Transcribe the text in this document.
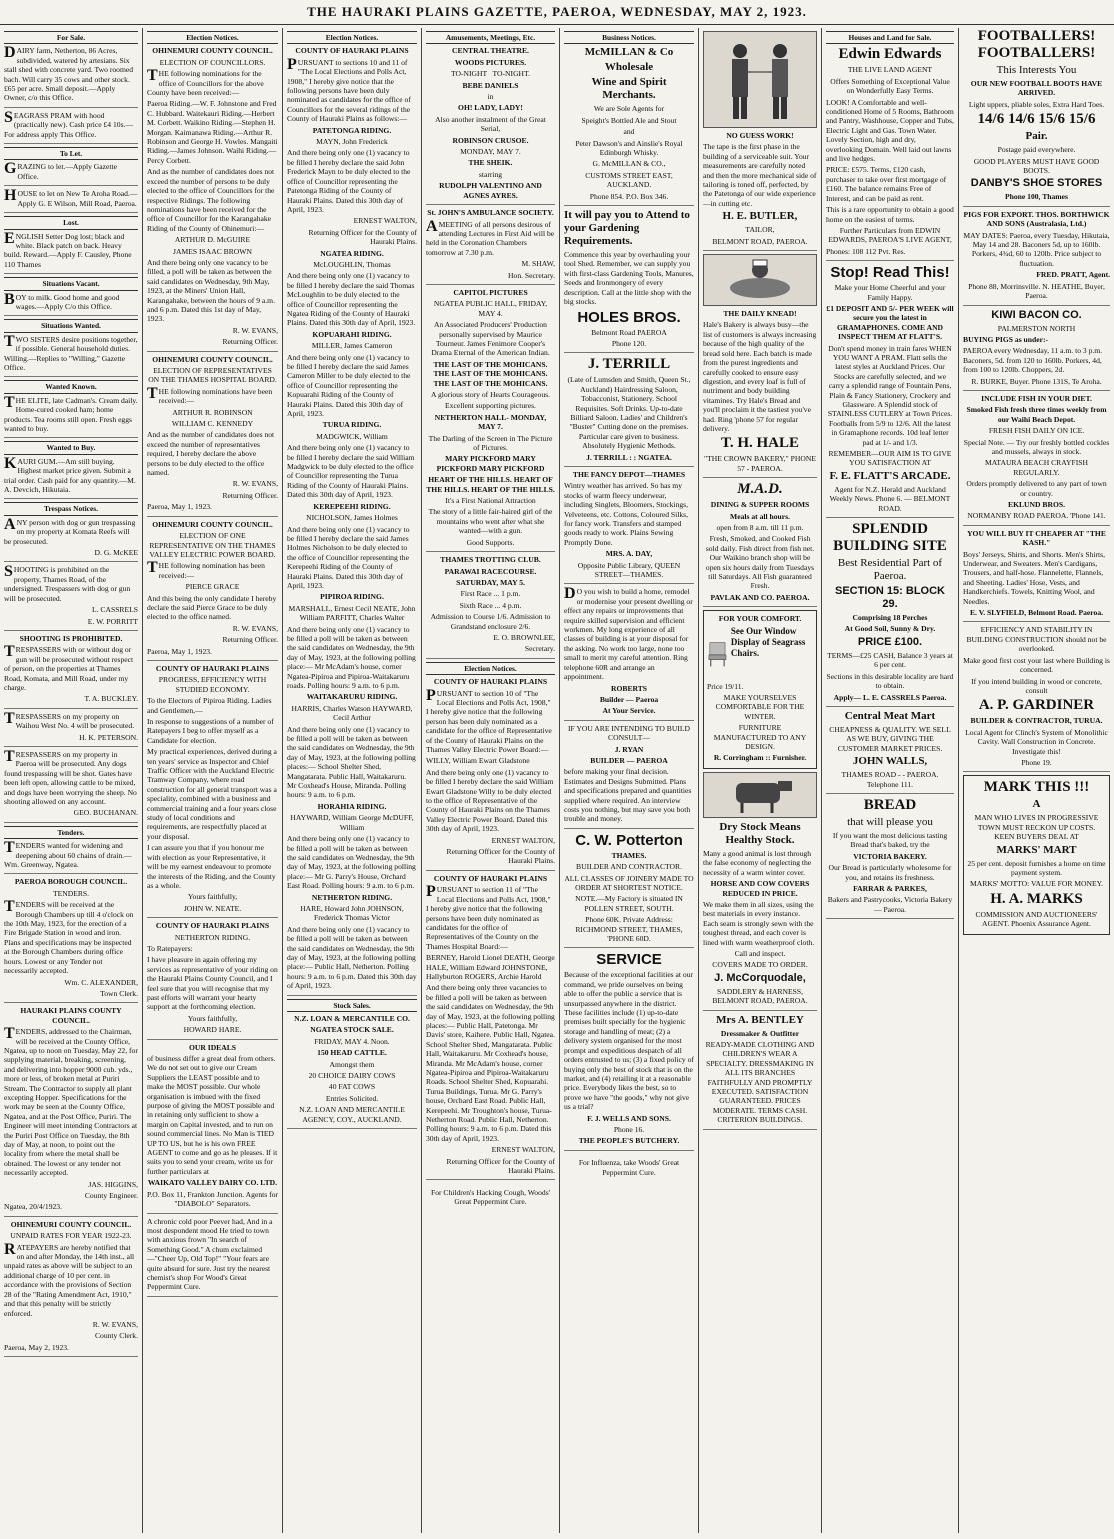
THE HAURAKI PLAINS GAZETTE, PAEROA, WEDNESDAY, MAY 2, 1923.
For Sale.

DAIRY farm, Netherton, 86 Acres, subdivided, watered by artesians. Six stall shed with concrete yard. Two roomed bach. Will carry 35 cows and other stock. £65 per acre. Small deposit.—Apply Owner, c/o this Office.

SEAGRASS PRAM with hood (practically new). Cash price £4 10s.—For address apply This Office.

To Let.

GRAZING to let.—Apply Gazette Office.

HOUSE to let on New Te Aroha Road.—Apply G. E Wilson, Mill Road, Paeroa.

Lost.

ENGLISH Setter Dog lost; black and white. Black patch on back. Heavy build. Reward.—Apply F. Causley, Phone 110 Thames

Situations Vacant.

BOY to milk. Good home and good wages.—Apply C/o this Office.

Situations Wanted.

TWO SISTERS desire positions together, if possible. General household duties. Willing.—Replies to "Willing," Gazette Office.

Wanted Known.

THE ELITE, late Cadman's. Cream daily. Home-cured cooked ham; home products. Tea rooms still open. Fresh eggs wanted to buy.

Wanted to Buy.

KAURI GUM.—Am still buying. Highest market price given. Submit a trial order. Cash paid for any quantity.—M. A. Devcich, Hikutaia.

Trespass Notices.

ANY person with dog or gun trespassing on my property at Komata Reefs will be prosecuted.

D. G. McKEE

SHOOTING is prohibited on the property, Thames Road, of the undersigned. Trespassers with dog or gun will be prosecuted.

L. CASSRELS

E. W. PORRITT

SHOOTING IS PROHIBITED.

TRESPASSERS with or without dog or gun will be prosecuted without respect of person, on the properties at Thames Road, Komata, and Mill Road, under my charge.

T. A. BUCKLEY.

TRESPASSERS on my property on Waihou West No. 4 will be prosecuted.

H. K. PETERSON.

TRESPASSERS on my property in Paeroa will be prosecuted. Any dogs found trespassing will be shot. Gates have been left open, allowing cattle to be mixed, and dogs have been worrying the sheep. No shooting allowed on any account.

GEO. BUCHANAN.

Tenders.

TENDERS wanted for widening and deepening about 60 chains of drain.—Wm. Greenway, Ngatea.

PAEROA BOROUGH COUNCIL.

TENDERS.

TENDERS will be received at the Borough Chambers up till 4 o'clock on the 10th May, 1923, for the erection of a Fire Brigade Station in wood and iron. Plans and specifications may be inspected at the Borough Chambers during office hours. Lowest or any Tender not necessarily accepted.

Wm. C. ALEXANDER,

Town Clerk.

HAURAKI PLAINS COUNTY COUNCIL.

TENDERS, addressed to the Chairman, will be received at the County Office, Ngatea, up to noon on Tuesday, May 22, for supplying material, breaking, screening, and delivering into hopper 9000 cub. yds., more or less, of broken metal at Puriri Stream. The Contractor to supply all plant excepting Hopper. Specifications for the work may be seen at the County Office, Ngatea, and at the Post Office, Puriri. The Engineer will meet intending Contractors at the Puriri Post Office on Tuesday, the 8th day of May, at noon, to point out the locality from where the metal shall be obtained. The lowest or any tender not necessarily accepted.

JAS. HIGGINS,

County Engineer.

Ngatea, 20/4/1923.

OHINEMURI COUNTY COUNCIL.

UNPAID RATES FOR YEAR 1922-23.

RATEPAYERS are hereby notified that on and after Monday, the 14th inst., all unpaid rates as above will be subject to an additional charge of 10 per cent. in accordance with the provisions of Section 28 of the "Rating Amendment Act, 1910," and that this penalty will be strictly enforced.

R. W. EVANS,

County Clerk.

Paeroa, May 2, 1923.

Election Notices.

OHINEMURI COUNTY COUNCIL.

ELECTION OF COUNCILLORS.

THE following nominations for the office of Councillors for the above County have been received:—

Paeroa Riding.—W. F. Johnstone and Fred C. Hubbard. Waitekauri Riding.—Herbert M. Corbett. Waikino Riding.—Stephen H. Morgan. Kaimanawa Riding.—Arthur R. Robinson and George H. Vowles. Mangaiti Riding.—James Johnson. Waihi Riding.—Percy Corbett.

And as the number of candidates does not exceed the number of persons to be duly elected to the office of Councillors for the respective Ridings. The following nominations have been received for the office of Councillor for the Karangahake Riding of the County of Ohinemuri:—

ARTHUR D. McGUIRE

JAMES ISAAC BROWN

And there being only one vacancy to be filled, a poll will be taken as between the said candidates on Wednesday, 9th May, 1923, at the Miners' Union Hall, Karangahake, between the hours of 9 a.m. and 6 p.m. Dated this 1st day of May, 1923.

R. W. EVANS,

Returning Officer.

OHINEMURI COUNTY COUNCIL.

ELECTION OF REPRESENTATIVES ON THE THAMES HOSPITAL BOARD.

THE following nominations have been received:—

ARTHUR R. ROBINSON

WILLIAM C. KENNEDY

And as the number of candidates does not exceed the number of representatives required, I hereby declare the above persons to be duly elected to the office named.

R. W. EVANS,

Returning Officer.

Paeroa, May 1, 1923.

OHINEMURI COUNTY COUNCIL.

ELECTION OF ONE REPRESENTATIVE ON THE THAMES VALLEY ELECTRIC POWER BOARD.

THE following nomination has been received:—

PIERCE GRACE

And this being the only candidate I hereby declare the said Pierce Grace to be duly elected to the office named.

R. W. EVANS,

Returning Officer.

Paeroa, May 1, 1923.

COUNTY OF HAURAKI PLAINS

PROGRESS, EFFICIENCY WITH STUDIED ECONOMY.

To the Electors of Pipiroa Riding. Ladies and Gentlemen,—

In response to suggestions of a number of Ratepayers I beg to offer myself as a Candidate for election.

My practical experiences, derived during a ten years' service as Inspector and Chief Traffic Officer with the Auckland Electric Tramway Company, where road construction for all general transport was a speciality, combined with a business and commercial training and a four years close study of local conditions and requirements, are respectfully placed at your disposal.

I can assure you that if you honour me with election as your Representative, it will be my earnest endeavour to promote the interests of the Riding, and the County as a whole.

Yours faithfully,

JOHN W. NEATE.

COUNTY OF HAURAKI PLAINS

NETHERTON RIDING.

To Ratepayers:

I have pleasure in again offering my services as representative of your riding on the Hauraki Plains County Council, and I feel sure that you will recognise that my past efforts will warrant your hearty support at the forthcoming election.

Yours faithfully,

HOWARD HARE.

OUR IDEALS

of business differ a great deal from others. We do not set out to give our Cream Suppliers the LEAST possible and to make the MOST possible. Our whole organisation is imbued with the fixed purpose of giving the MOST possible and in retaining only sufficient to show a margin on Capital invested, and to run on sound commercial lines. No Man is TIED UP TO US, but he is his own FREE AGENT to come and go as he pleases. If it suits you to send your cream, write us for further particulars at

WAIKATO VALLEY DAIRY CO. LTD.

P.O. Box 11, Frankton Junction. Agents for "DIABOLO" Separators.

A chronic cold poor Peever had, And in a most despondent mood He tried to town with anxious frown "In search of Something Good." A chum exclaimed—"Cheer Up, Old Top!" "Your fears are quite absurd for sure. Just try the nearest chemist's shop For Wood's Great Peppermint Cure.

Election Notices.

COUNTY OF HAURAKI PLAINS

PURSUANT to sections 10 and 11 of "The Local Elections and Polls Act, 1908," I hereby give notice that the following persons have been duly nominated as candidates for the office of Councillors for the several ridings of the County of Hauraki Plains as follows:—

PATETONGA RIDING.

MAYN, John Frederick

And there being only one (1) vacancy to be filled I hereby declare the said John Frederick Mayn to be duly elected to the office of Councillor representing the Patetonga Riding of the County of Hauraki Plains. Dated this 30th day of April, 1923.

ERNEST WALTON,

Returning Officer for the County of Hauraki Plains.

NGATEA RIDING.

McLOUGHLIN, Thomas

And there being only one (1) vacancy to be filled I hereby declare the said Thomas McLoughlin to be duly elected to the office of Councillor representing the Ngatea Riding of the County of Hauraki Plains. Dated this 30th day of April, 1923.

KOPUARAHI RIDING.

MILLER, James Cameron

And there being only one (1) vacancy to be filled I hereby declare the said James Cameron Miller to be duly elected to the office of Councillor representing the Kopuarahi Riding of the County of Hauraki Plains. Dated this 30th day of April, 1923.

TURUA RIDING.

MADGWICK, William

And there being only one (1) vacancy to be filled I hereby declare the said William Madgwick to be duly elected to the office of Councillor representing the Turua Riding of the County of Hauraki Plains. Dated this 30th day of April, 1923.

KEREPEEHI RIDING.

NICHOLSON, James Holmes

And there being only one (1) vacancy to be filled I hereby declare the said James Holmes Nicholson to be duly elected to the office of Councillor representing the Kerepeehi Riding of the County of Hauraki Plains. Dated this 30th day of April, 1923.

PIPIROA RIDING.

MARSHALL, Ernest Cecil NEATE, John William PARFITT, Charles Walter

And there being only one (1) vacancy to be filled a poll will be taken as between the said candidates on Wednesday, the 9th day of May, 1923, at the following polling place:— Mr McAdam's house, corner Ngatea-Pipiroa and Pipiroa-Waitakaruru roads. Polling hours: 9 a.m. to 6 p.m.

WAITAKARURU RIDING.

HARRIS, Charles Watson HAYWARD, Cecil Arthur

And there being only one (1) vacancy to be filled a poll will be taken as between the said candidates on Wednesday, the 9th day of May, 1923, at the following polling places:— School Shelter Shed, Mangatarata. Public Hall, Waitakaruru. Mr Coxhead's House, Miranda. Polling hours: 9 a.m. to 6 p.m.

HORAHIA RIDING.

HAYWARD, William George McDUFF, William

And there being only one (1) vacancy to be filled a poll will be taken as between the said candidates on Wednesday, the 9th day of May, 1923, at the following polling place:— Mr G. Parry's House, Orchard East Road. Polling hours: 9 a.m. to 6 p.m.

NETHERTON RIDING.

HARE, Howard John JOHNSON, Frederick Thomas Victor

And there being only one (1) vacancy to be filled a poll will be taken as between the said candidates on Wednesday, the 9th day of May, 1923, at the following polling place:— Public Hall, Netherton. Polling hours: 9 a.m. to 6 p.m. Dated this 30th day of April, 1923.

Stock Sales.

N.Z. LOAN & MERCANTILE CO.

NGATEA STOCK SALE.

FRIDAY, MAY 4. Noon.

150 HEAD CATTLE.

Amongst them

20 CHOICE DAIRY COWS

40 FAT COWS

Entries Solicited.

N.Z. LOAN AND MERCANTILE AGENCY, COY., AUCKLAND.

Amusements, Meetings, Etc.

CENTRAL THEATRE.

WOODS PICTURES.

TO-NIGHT TO-NIGHT.

BEBE DANIELS

in

OH! LADY, LADY!

Also another instalment of the Great Serial,

ROBINSON CRUSOE.

MONDAY, MAY 7.

THE SHEIK.

starring

RUDOLPH VALENTINO AND AGNES AYRES.

St. JOHN'S AMBULANCE SOCIETY.

AMEETING of all persons desirous of attending Lectures in First Aid will be held in the Coronation Chambers tomorrow at 7.30 p.m.

M. SHAW,

Hon. Secretary.

CAPITOL PICTURES

NGATEA PUBLIC HALL, FRIDAY, MAY 4.

An Associated Producers' Production personally supervised by Maurice Tourneur. James Fenimore Cooper's Drama Eternal of the American Indian.

THE LAST OF THE MOHICANS. THE LAST OF THE MOHICANS. THE LAST OF THE MOHICANS.

A glorious story of Hearts Courageous.

Excellent supporting pictures.

NETHERTON HALL- MONDAY, MAY 7.

The Darling of the Screen in The Picture of Pictures.

MARY PICKFORD MARY PICKFORD MARY PICKFORD

HEART OF THE HILLS. HEART OF THE HILLS. HEART OF THE HILLS.

It's a First National Attraction

The story of a little fair-haired girl of the mountains who went after what she wanted—with a gun.

Good Supports.

THAMES TROTTING CLUB.

PARAWAI RACECOURSE.

SATURDAY, MAY 5.

First Race ... 1 p.m.

Sixth Race ... 4 p.m.

Admission to Course 1/6. Admission to Grandstand enclosure 2/6.

E. O. BROWNLEE,

Secretary.

Election Notices.

COUNTY OF HAURAKI PLAINS

PURSUANT to section 10 of "The Local Elections and Polls Act, 1908," I hereby give notice that the following person has been duly nominated as a candidate for the office of Representative of the County of Hauraki Plains on the Thames Valley Electric Power Board:—

WILLY, William Ewart Gladstone

And there being only one (1) vacancy to be filled I hereby declare the said William Ewart Gladstone Willy to be duly elected to the office of Representative of the County of Hauraki Plains on the Thames Valley Electric Power Board. Dated this 30th day of April, 1923.

ERNEST WALTON,

Returning Officer for the County of Hauraki Plains.

COUNTY OF HAURAKI PLAINS

PURSUANT to section 11 of "The Local Elections and Polls Act, 1908," I hereby give notice that the following persons have been duly nominated as candidates for the office of Representatives of the County on the Thames Hospital Board:—

BERNEY, Harold Lionel DEATH, George HALE, William Edward JOHNSTONE, Hallyburton ROGERS, Archie Harold

And there being only three vacancies to be filled a poll will be taken as between the said candidates on Wednesday, the 9th day of May, 1923, at the following polling places:— Public Hall, Patetonga. Mr Davis' store, Kaihere. Public Hall, Ngatea. School Shelter Shed, Mangatarata. Public Hall, Waitakaruru. Mr Coxhead's house, Miranda. Mr McAdam's house, corner Ngatea-Pipiroa and Pipiroa-Waitakaruru Roads. School Shelter Shed, Kopuarahi. Turua Buildings, Turua. Mr G. Parry's house, Orchard East Road. Public Hall, Kerepeehi. Mr Troughton's house, Turua-Netherton Road. Public Hall, Netherton. Polling hours: 9 a.m. to 6 p.m. Dated this 30th day of April, 1923.

ERNEST WALTON,

Returning Officer for the County of Hauraki Plains.

For Children's Hacking Cough, Woods' Great Peppermint Cure.

Business Notices.

McMILLAN & Co

Wholesale

Wine and Spirit Merchants.

We are Sole Agents for

Speight's Bottled Ale and Stout

and

Peter Dawson's and Ainslie's Royal Edinburgh Whisky.

G. McMILLAN & CO.,

CUSTOMS STREET EAST, AUCKLAND.

Phone 854. P.O. Box 346.

It will pay you to Attend to your Gardening Requirements.

Commence this year by overhauling your tool Shed. Remember, we can supply you with first-class Gardening Tools, Manures, Seeds and Ironmongery of every description. Call at the little shop with the big stocks.

HOLES BROS.

Belmont Road PAEROA

Phone 120.

J. TERRILL

(Late of Lumsden and Smith, Queen St., Auckland) Hairdressing Saloon, Tobacconist, Stationery. School Requisites. Soft Drinks. Up-to-date Billiard Saloon. Ladies' and Children's "Buster" Cutting done on the premises. Particular care given to business. Absolutely Hygienic Methods.

J. TERRILL : : NGATEA.

THE FANCY DEPOT—THAMES

Wintry weather has arrived. So has my stocks of warm fleecy underwear, including Singlets, Bloomers, Stockings, Velveteens, etc. Cottons, Coloured Silks, for fancy work. Transfers and stamped goods ready to work. Plains Sewing Promptly Done.

MRS. A. DAY,

Opposite Public Library, QUEEN STREET—THAMES.

DO you wish to build a home, remodel or modernise your present dwelling or effect any repairs or improvements that require skilled supervision and efficient workmen. My long experience of all classes of building is at your disposal for the asking. No work too large, none too small to merit my careful attention. Ring telephone 60R and arrange an appointment.

ROBERTS

Builder — Paeroa

At Your Service.

IF YOU ARE INTENDING TO BUILD CONSULT—

J. RYAN

BUILDER — PAEROA

before making your final decision. Estimates and Designs Submitted. Plans and specifications prepared and quantities supplied where required. An interview costs you nothing, but may save you both trouble and money.

C. W. Potterton

THAMES.

BUILDER AND CONTRACTOR.

ALL CLASSES OF JOINERY MADE TO ORDER AT SHORTEST NOTICE.

NOTE.—My Factory is situated IN POLLEN STREET, SOUTH.

Phone 60K. Private Address: RICHMOND STREET, THAMES, 'PHONE 60D.

SERVICE

Because of the exceptional facilities at our command, we pride ourselves on being able to offer the public a service that is unsurpassed anywhere in the district. These facilities include (1) up-to-date premises built specially for the hygienic storage and handling of meat; (2) a delivery system organised for the most prompt and expeditious despatch of all orders entrusted to us; (3) a fixed policy of buying only the best of stock that is on the market, and (4) retailing it at a reasonable price. Everybody likes the best, so to prove we have "the goods," why not give us a trial?

F. J. WELLS AND SONS.

Phone 16.

THE PEOPLE'S BUTCHERY.

For Influenza, take Woods' Great Peppermint Cure.

NO GUESS WORK!

The tape is the first phase in the building of a serviceable suit. Your measurements are carefully noted and then the more mechanical side of tailoring is toned off, perfected, by the Patetonga of our wide experience—in cutting etc.

H. E. BUTLER,

TAILOR,

BELMONT ROAD, PAEROA.

THE DAILY KNEAD!

Hale's Bakery is always busy—the list of customers is always increasing because of the high quality of the bread sold here. Each batch is made from the purest ingredients and carefully cooked to ensure easy digestion, and every loaf is full of nutriment and body building vitamines. Try Hale's Bread and you'll proclaim it the tastiest you've had. Ring 'phone 57 for regular delivery.

T. H. HALE

"THE CROWN BAKERY," PHONE 57 - PAEROA.

M.A.D.

DINING & SUPPER ROOMS

Meals at all hours.

open from 8 a.m. till 11 p.m.

Fresh, Smoked, and Cooked Fish sold daily. Fish direct from fish net. Our Waikino branch shop will be open six hours daily from Tuesdays till Saturdays. All Fish guaranteed Fresh.

PAVLAK AND CO. PAEROA.

FOR YOUR COMFORT.

See Our Window Display of Seagrass Chairs.

Price 19/11.

MAKE YOURSELVES COMFORTABLE FOR THE WINTER.

FURNITURE MANUFACTURED TO ANY DESIGN.

R. Corringham :: Furnisher.

Dry Stock Means Healthy Stock.

Many a good animal is lost through the false economy of neglecting the necessity of a warm winter cover.

HORSE AND COW COVERS REDUCED IN PRICE.

We make them in all sizes, using the best materials in every instance. Each seam is strongly sewn with the toughest thread, and each cover is lined with warm weatherproof cloth.

Call and inspect.

COVERS MADE TO ORDER.

J. McCorquodale,

SADDLERY & HARNESS, BELMONT ROAD, PAEROA.

Mrs A. BENTLEY

Dressmaker & Outfitter

READY-MADE CLOTHING AND CHILDREN'S WEAR A SPECIALTY. DRESSMAKING IN ALL ITS BRANCHES FAITHFULLY AND PROMPTLY EXECUTED. SATISFACTION GUARANTEED. PRICES MODERATE. TERMS CASH. CRITERION BUILDINGS.

Houses and Land for Sale.

Edwin Edwards

THE LIVE LAND AGENT

Offers Something of Exceptional Value on Wonderfully Easy Terms.

LOOK! A Comfortable and well-conditioned Home of 5 Rooms, Bathroom and Pantry, Washhouse, Copper and Tubs, Electric Light and Gas. Town Water. Lovely Section, high and dry, overlooking Domain. Well laid out lawns and live hedges.

PRICE: £575. Terms, £120 cash, purchaser to take over first mortgage of £160. The balance remains Free of Interest, and can be paid as rent.

This is a rare opportunity to obtain a good home on the easiest of terms.

Further Particulars from EDWIN EDWARDS, PAEROA'S LIVE AGENT,

Phones: 108 112 Pvt. Res.

Stop! Read This!

Make your Home Cheerful and your Family Happy.

£1 DEPOSIT AND 5/- PER WEEK will secure you the latest in GRAMAPHONES. COME AND INSPECT THEM AT FLATT'S.

Don't spend money in train fares WHEN YOU WANT A PRAM. Flatt sells the latest styles at Auckland Prices. Our Stocks are carefully selected, and we carry a splendid range of Fountain Pens, Plain & Fancy Stationery, Crockery and Glassware. A Splendid stock of STAINLESS CUTLERY at Town Prices. Footballs from 5/9 to 12/6. All the latest in Gramaphone records. 10d leaf letter pad at 1/- and 1/3.

REMEMBER—OUR AIM IS TO GIVE YOU SATISFACTION AT

F. E. FLATT'S ARCADE.

Agent for N.Z. Herald and Auckland Weekly News. Phone 6. — BELMONT ROAD.

SPLENDID BUILDING SITE

Best Residential Part of Paeroa.

SECTION 15: BLOCK 29.

Comprising 18 Perches

At Good Soil, Sunny & Dry.

PRICE £100.

TERMS—£25 CASH, Balance 3 years at 6 per cent.

Sections in this desirable locality are hard to obtain.

Apply— L. E. CASSRELS Paeroa.

Central Meat Mart

CHEAPNESS & QUALITY. WE SELL AS WE BUY, GIVING THE CUSTOMER MARKET PRICES.

JOHN WALLS,

THAMES ROAD - - PAEROA. Telephone 111.

BREAD

that will please you

If you want the most delicious tasting Bread that's baked, try the

VICTORIA BAKERY.

Our Bread is particularly wholesome for you, and retains its freshness.

FARRAR & PARKES,

Bakers and Pastrycooks, Victoria Bakery — Paeroa.

FOOTBALLERS! FOOTBALLERS!

This Interests You

OUR NEW FOOTBALL BOOTS HAVE ARRIVED.

Light uppers, pliable soles, Extra Hard Toes.

14/6 14/6 15/6 15/6

Pair.

Postage paid everywhere.

GOOD PLAYERS MUST HAVE GOOD BOOTS.

DANBY'S SHOE STORES

Phone 100, Thames

PIGS FOR EXPORT. THOS. BORTHWICK AND SONS (Australasia, Ltd.)

MAY DATES: Paeroa, every Tuesday, Hikutaia, May 14 and 28. Baconers 5d, up to 160lb. Porkers, 4¾d, 60 to 120lb. Price subject to fluctuation.

FRED. PRATT, Agent.

Phone 88, Morrinsville. N. HEATHE, Buyer, Paeroa.

KIWI BACON CO.

PALMERSTON NORTH

BUYING PIGS as under:-

PAEROA every Wednesday, 11 a.m. to 3 p.m. Baconers, 5d. from 120 to 160lb. Porkers, 4d, from 100 to 120lb. Choppers, 2d.

R. BURKE, Buyer. Phone 131S, Te Aroha.

INCLUDE FISH IN YOUR DIET.

Smoked Fish fresh three times weekly from our Waihi Beach Depot.

FRESH FISH DAILY ON ICE.

Special Note. — Try our freshly bottled cockles and mussels, always in stock.

MATAURA BEACH CRAYFISH REGULARLY.

Orders promptly delivered to any part of town or country.

EKLUND BROS.

NORMANBY ROAD PAEROA. 'Phone 141.

YOU WILL BUY IT CHEAPER AT "THE KASH."

Boys' Jerseys, Shirts, and Shorts. Men's Shirts, Underwear, and Sweaters. Men's Cardigans, Trousers, and half-hose. Flannelette, Flannels, and Sheeting. Ladies' Hose, Vests, and Handkerchiefs. Towels, Knitting Wool, and Needles.

E. V. SLYFIELD, Belmont Road. Paeroa.

EFFICIENCY AND STABILITY IN BUILDING CONSTRUCTION should not be overlooked.

Make good first cost your last where Building is concerned.

If you intend building in wood or concrete, consult

A. P. GARDINER

BUILDER & CONTRACTOR, TURUA.

Local Agent for Clinch's System of Monolithic Cavity. Wall Construction in Concrete. Investigate this!

Phone 19.

MARK THIS !!!

A

MAN WHO LIVES IN PROGRESSIVE TOWN MUST RECKON UP COSTS. KEEN BUYERS DEAL AT

MARKS' MART

25 per cent. deposit furnishes a home on time payment system.

MARKS' MOTTO: VALUE FOR MONEY.

H. A. MARKS

COMMISSION AND AUCTIONEERS' AGENT. Phoenix Assurance Agent.
